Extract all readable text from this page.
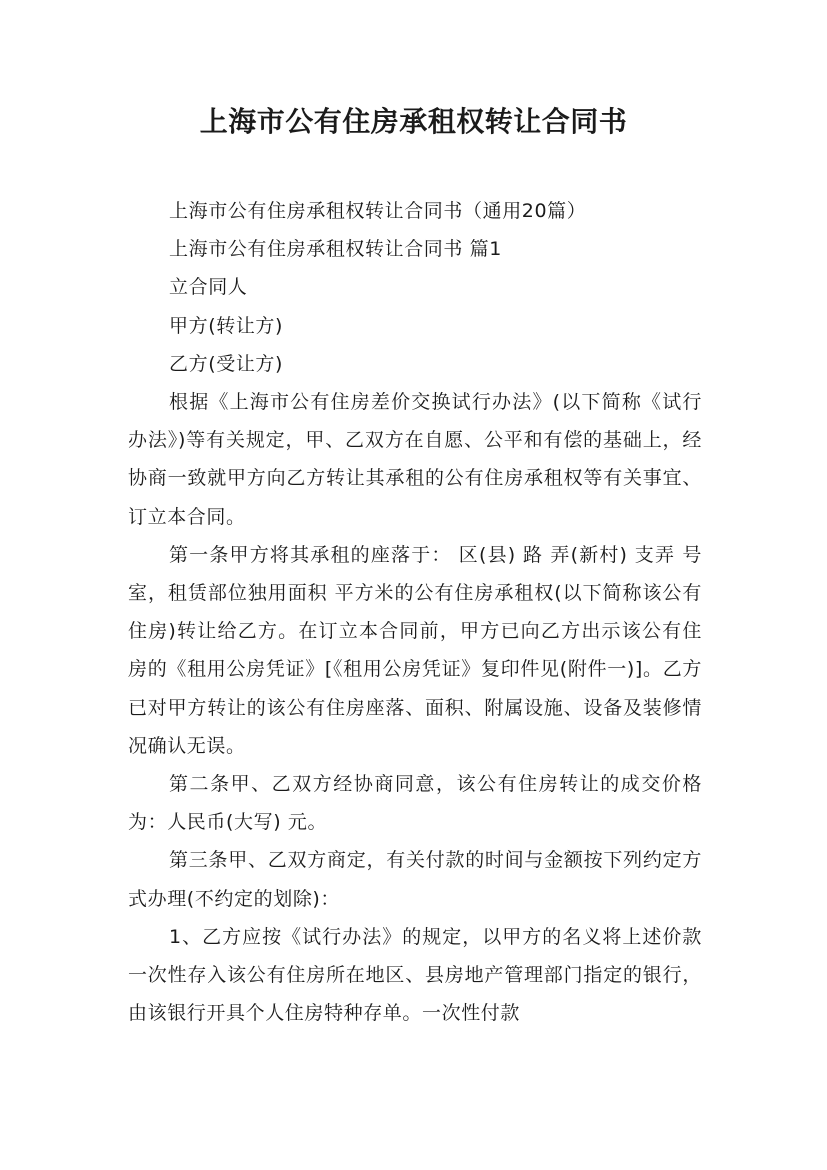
上海市公有住房承租权转让合同书

上海市公有住房承租权转让合同书（通用20篇）

上海市公有住房承租权转让合同书 篇1

立合同人

甲方(转让方)

乙方(受让方)

根据《上海市公有住房差价交换试行办法》(以下简称《试行办法》)等有关规定，甲、乙双方在自愿、公平和有偿的基础上，经协商一致就甲方向乙方转让其承租的公有住房承租权等有关事宜、订立本合同。

第一条甲方将其承租的座落于： 区(县) 路 弄(新村) 支弄 号 室，租赁部位独用面积 平方米的公有住房承租权(以下简称该公有住房)转让给乙方。在订立本合同前，甲方已向乙方出示该公有住房的《租用公房凭证》[《租用公房凭证》复印件见(附件一)]。乙方已对甲方转让的该公有住房座落、面积、附属设施、设备及装修情况确认无误。

第二条甲、乙双方经协商同意，该公有住房转让的成交价格为：人民币(大写) 元。

第三条甲、乙双方商定，有关付款的时间与金额按下列约定方式办理(不约定的划除)：

1、乙方应按《试行办法》的规定，以甲方的名义将上述价款一次性存入该公有住房所在地区、县房地产管理部门指定的银行，由该银行开具个人住房特种存单。一次性付款
